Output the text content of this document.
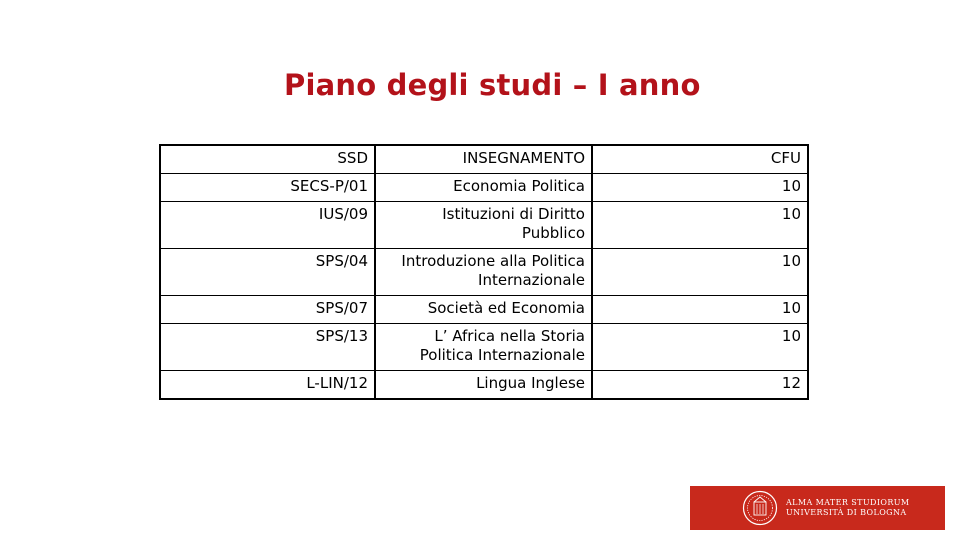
Piano degli studi – I anno
SSD	INSEGNAMENTO	CFU
SECS-P/01	Economia Politica	10
IUS/09	Istituzioni di Diritto Pubblico	10
SPS/04	Introduzione alla Politica Internazionale	10
SPS/07	Società ed Economia	10
SPS/13	L’ Africa nella Storia Politica Internazionale	10
L-LIN/12	Lingua Inglese	12
ALMA MATER STUDIORUM
UNIVERSITÀ DI BOLOGNA
